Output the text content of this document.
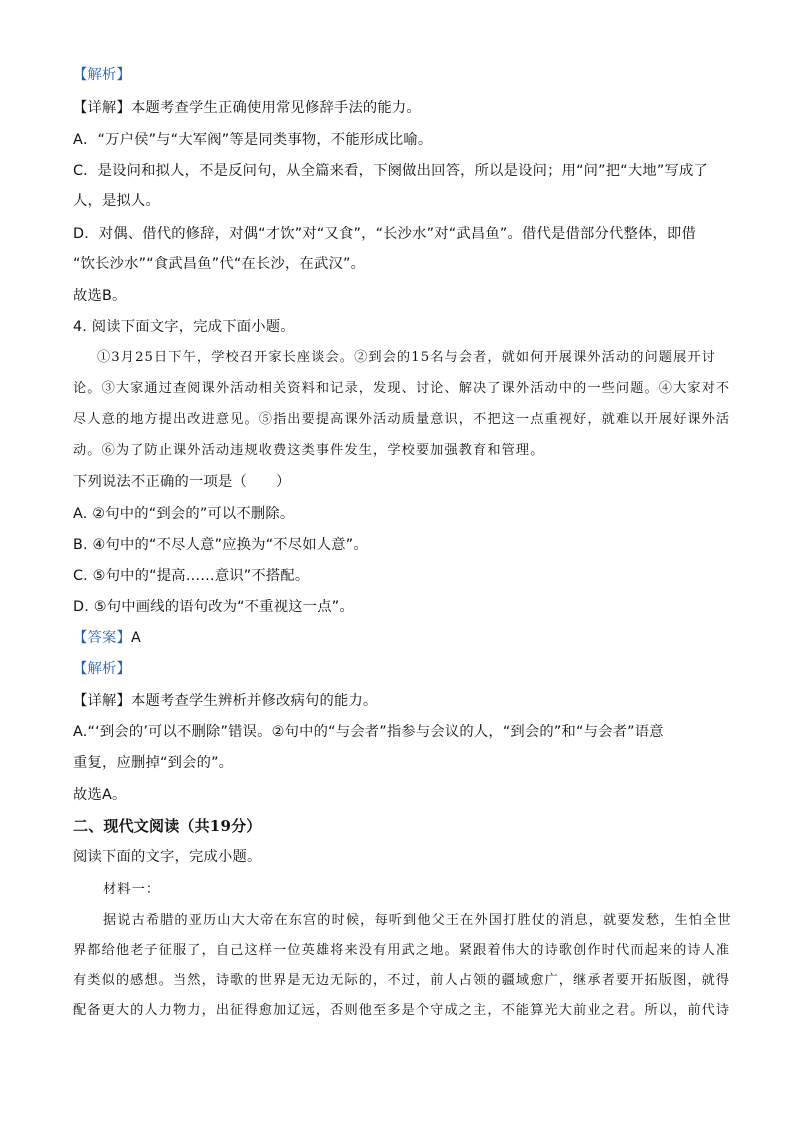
【解析】
【详解】本题考查学生正确使用常见修辞手法的能力。
A．“万户侯”与“大军阀”等是同类事物，不能形成比喻。
C．是设问和拟人，不是反问句，从全篇来看，下阕做出回答，所以是设问；用“问”把“大地”写成了
人，是拟人。
D．对偶、借代的修辞，对偶“才饮”对“又食”，“长沙水”对“武昌鱼”。借代是借部分代整体，即借
“饮长沙水”“食武昌鱼”代“在长沙，在武汉”。
故选B。
4. 阅读下面文字，完成下面小题。
①3月25日下午，学校召开家长座谈会。②到会的15名与会者，就如何开展课外活动的问题展开讨
论。③大家通过查阅课外活动相关资料和记录，发现、讨论、解决了课外活动中的一些问题。④大家对不
尽人意的地方提出改进意见。⑤指出要提高课外活动质量意识，不把这一点重视好，就难以开展好课外活
动。⑥为了防止课外活动违规收费这类事件发生，学校要加强教育和管理。
下列说法不正确的一项是（　　）
A. ②句中的“到会的”可以不删除。
B. ④句中的“不尽人意”应换为“不尽如人意”。
C. ⑤句中的“提高……意识”不搭配。
D. ⑤句中画线的语句改为“不重视这一点”。
【答案】A
【解析】
【详解】本题考查学生辨析并修改病句的能力。
A.“‘到会的’可以不删除”错误。②句中的“与会者”指参与会议的人，“到会的”和“与会者”语意
重复，应删掉“到会的”。
故选A。
二、现代文阅读（共19分）
阅读下面的文字，完成小题。
材料一：
据说古希腊的亚历山大大帝在东宫的时候，每听到他父王在外国打胜仗的消息，就要发愁，生怕全世
界都给他老子征服了，自己这样一位英雄将来没有用武之地。紧跟着伟大的诗歌创作时代而起来的诗人准
有类似的感想。当然，诗歌的世界是无边无际的，不过，前人占领的疆域愈广，继承者要开拓版图，就得
配备更大的人力物力，出征得愈加辽远，否则他至多是个守成之主，不能算光大前业之君。所以，前代诗
